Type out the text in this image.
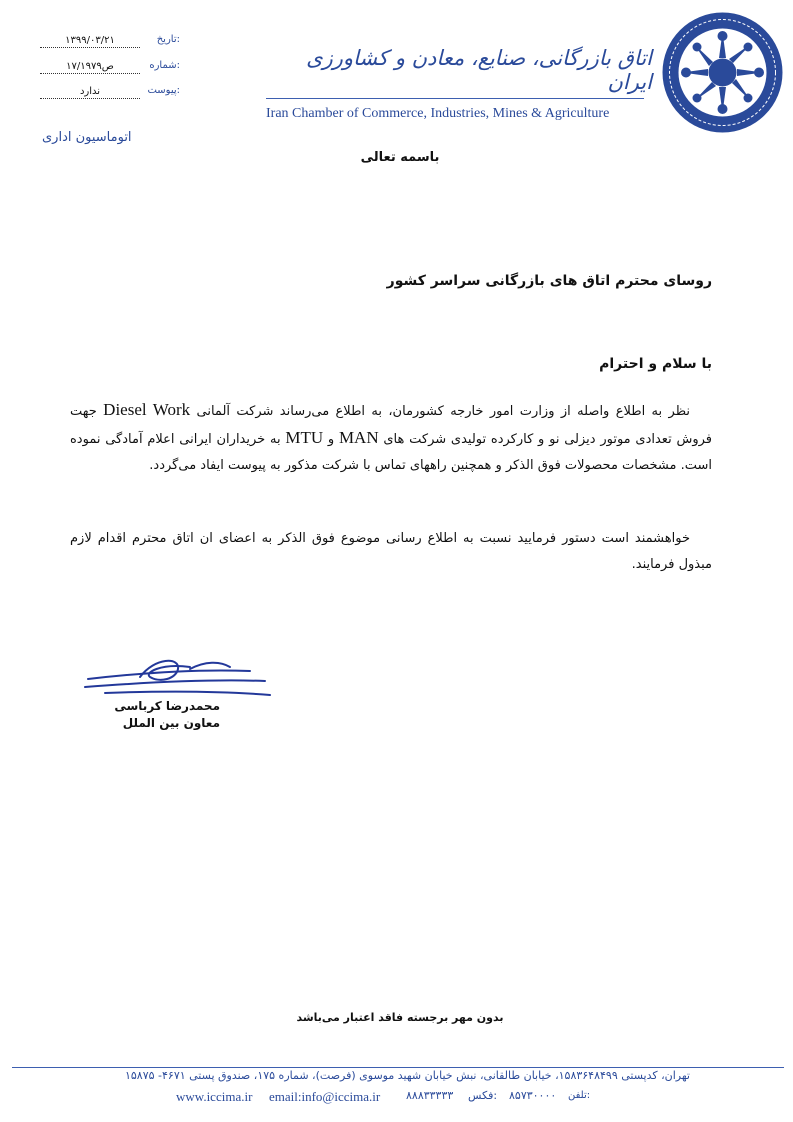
اتاق بازرگانی، صنایع، معادن و کشاورزی ایران
Iran Chamber of Commerce, Industries, Mines & Agriculture
۱۳۹۹/۰۳/۲۱	تاریخ:
۱۷/۱۹۷۹ص	شماره:
ندارد	پیوست:
اتوماسیون اداری
باسمه تعالی
روسای محترم اتاق های بازرگانی سراسر کشور
با سلام و احترام
نظر به اطلاع واصله از وزارت امور خارجه کشورمان، به اطلاع می‌رساند شرکت آلمانی Diesel Work جهت فروش تعدادی موتور دیزلی نو و کارکرده تولیدی شرکت های MAN و MTU به خریداران ایرانی اعلام آمادگی نموده است. مشخصات محصولات فوق الذکر و همچنین راههای تماس با شرکت مذکور به پیوست ایفاد می‌گردد.
خواهشمند است دستور فرمایید نسبت به اطلاع رسانی موضوع فوق الذکر به اعضای ان اتاق محترم اقدام لازم مبذول فرمایند.
محمدرضا کرباسی
معاون بین الملل
بدون مهر برجسته فاقد اعتبار می‌باشد
تهران، کدپستی ۱۵۸۳۶۴۸۴۹۹، خیابان طالقانی، نبش خیابان شهید موسوی (فرصت)، شماره ۱۷۵، صندوق پستی ۴۶۷۱- ۱۵۸۷۵
www.iccima.ir email:info@iccima.ir ۸۸۸۳۳۳۳۳ فکس: ۸۵۷۳۰۰۰۰ تلفن:
